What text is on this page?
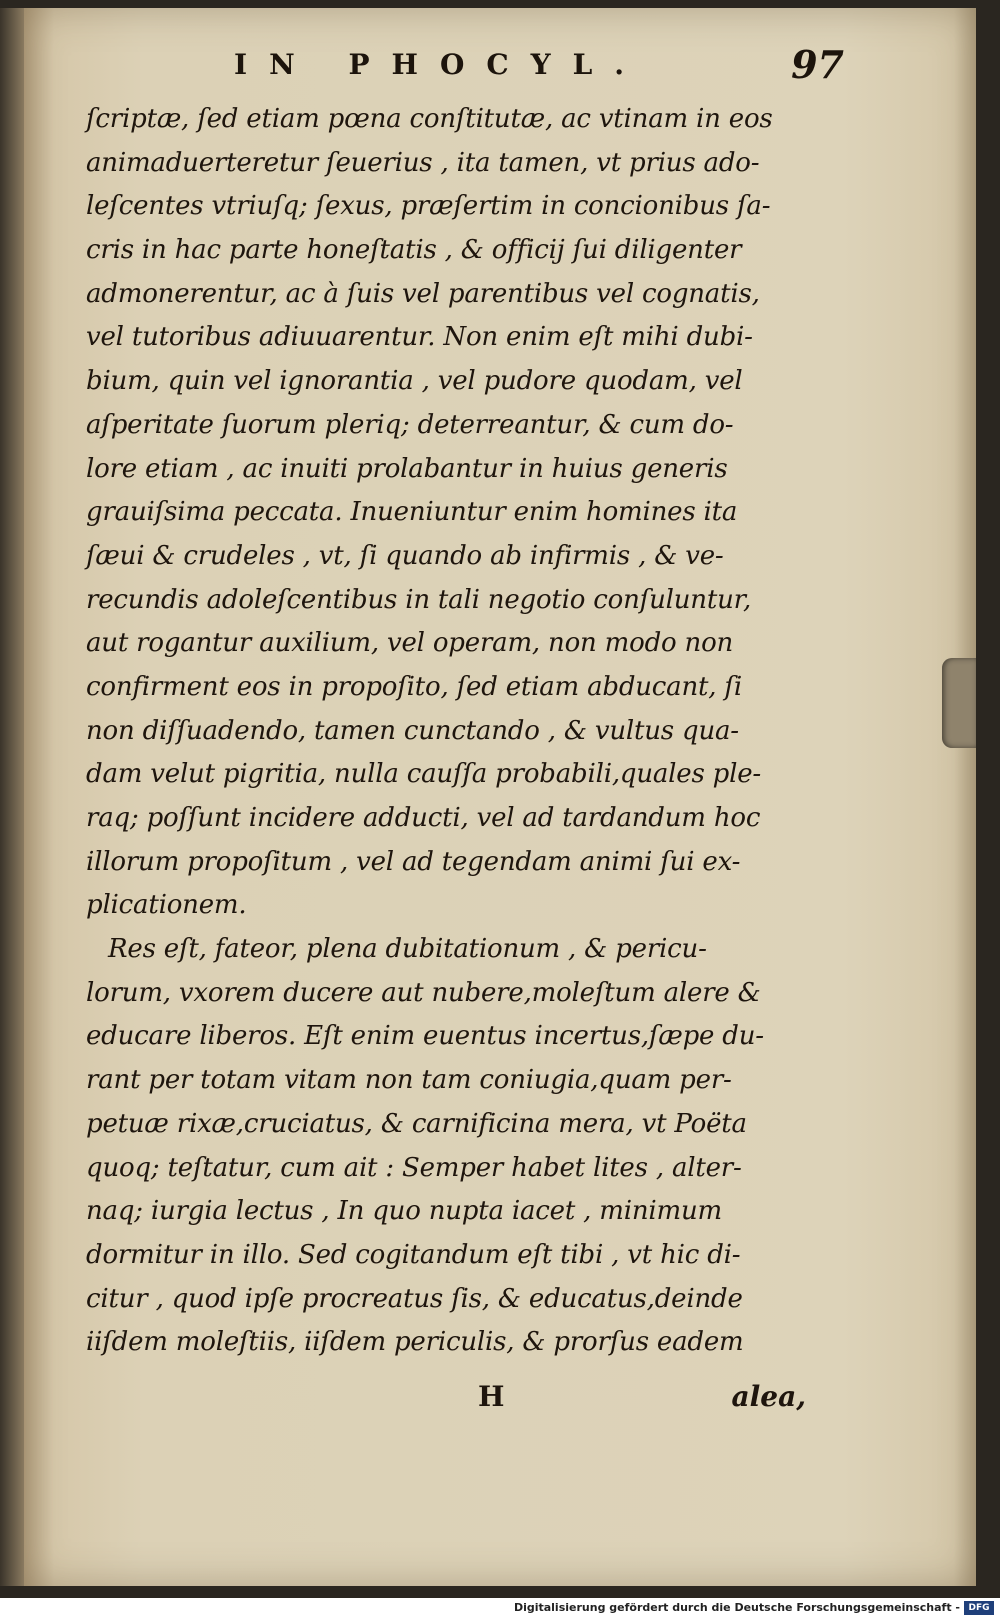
IN PHOCYL.	97
ſcriptæ, ſed etiam pœna conſtitutæ, ac vtinam in eos
animaduerteretur ſeuerius , ita tamen, vt prius ado-
leſcentes vtriuſq; ſexus, præſertim in concionibus ſa-
cris in hac parte honeſtatis , & officij ſui diligenter
admonerentur, ac à ſuis vel parentibus vel cognatis,
vel tutoribus adiuuarentur. Non enim eſt mihi dubi-
bium, quin vel ignorantia , vel pudore quodam, vel
aſperitate ſuorum pleriq; deterreantur, & cum do-
lore etiam , ac inuiti prolabantur in huius generis
grauiſsima peccata. Inueniuntur enim homines ita
ſæui & crudeles , vt, ſi quando ab infirmis , & ve-
recundis adoleſcentibus in tali negotio conſuluntur,
aut rogantur auxilium, vel operam, non modo non
confirment eos in propoſito, ſed etiam abducant, ſi
non diſſuadendo, tamen cunctando , & vultus qua-
dam velut pigritia, nulla cauſſa probabili,quales ple-
raq; poſſunt incidere adducti, vel ad tardandum hoc
illorum propoſitum , vel ad tegendam animi ſui ex-
plicationem.
Res eſt, fateor, plena dubitationum , & pericu-
lorum, vxorem ducere aut nubere,moleſtum alere &
educare liberos. Eſt enim euentus incertus,ſæpe du-
rant per totam vitam non tam coniugia,quam per-
petuæ rixæ,cruciatus, & carnificina mera, vt Poëta
quoq; teſtatur, cum ait : Semper habet lites , alter-
naq; iurgia lectus , In quo nupta iacet , minimum
dormitur in illo. Sed cogitandum eſt tibi , vt hic di-
citur , quod ipſe procreatus ſis, & educatus,deinde
iiſdem moleſtiis, iiſdem periculis, & prorſus eadem
H	alea,
Digitalisierung gefördert durch die Deutsche Forschungsgemeinschaft - DFG
